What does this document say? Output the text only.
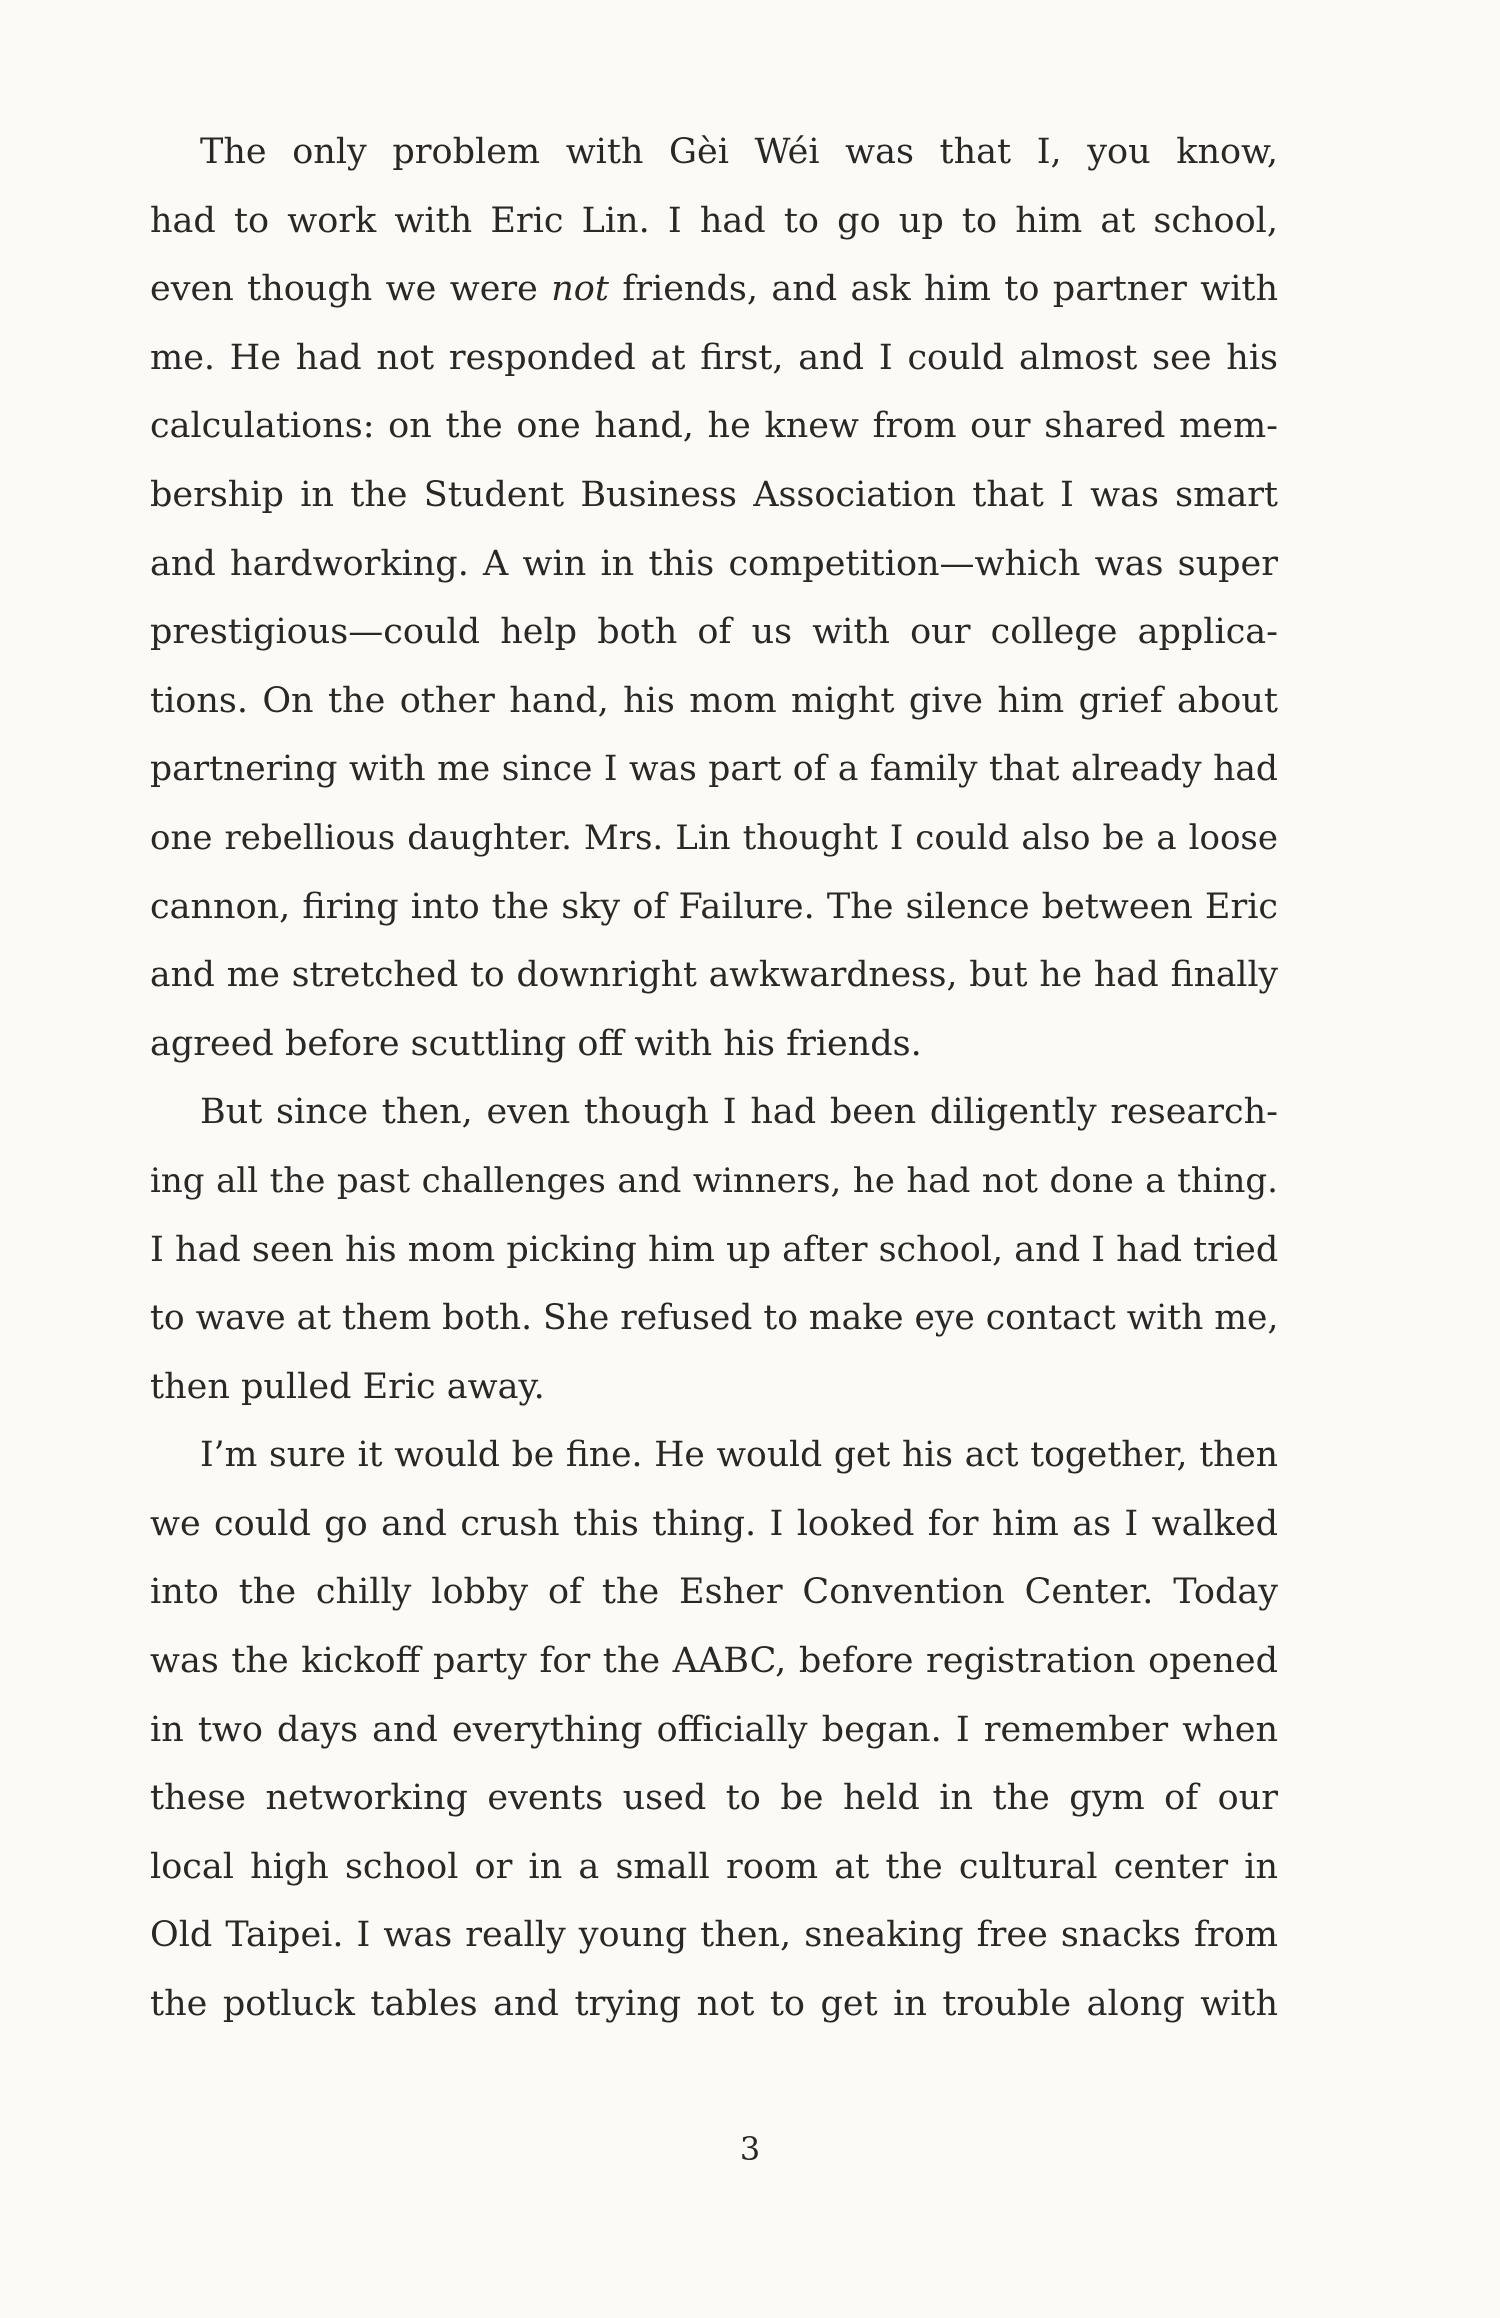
The only problem with Gèi Wéi was that I, you know,
had to work with Eric Lin. I had to go up to him at school,
even though we were not friends, and ask him to partner with
me. He had not responded at first, and I could almost see his
calculations: on the one hand, he knew from our shared mem-
bership in the Student Business Association that I was smart
and hardworking. A win in this competition—which was super
prestigious—could help both of us with our college applica-
tions. On the other hand, his mom might give him grief about
partnering with me since I was part of a family that already had
one rebellious daughter. Mrs. Lin thought I could also be a loose
cannon, firing into the sky of Failure. The silence between Eric
and me stretched to downright awkwardness, but he had finally
agreed before scuttling off with his friends.
But since then, even though I had been diligently research-
ing all the past challenges and winners, he had not done a thing.
I had seen his mom picking him up after school, and I had tried
to wave at them both. She refused to make eye contact with me,
then pulled Eric away.
I’m sure it would be fine. He would get his act together, then
we could go and crush this thing. I looked for him as I walked
into the chilly lobby of the Esher Convention Center. Today
was the kickoff party for the AABC, before registration opened
in two days and everything officially began. I remember when
these networking events used to be held in the gym of our
local high school or in a small room at the cultural center in
Old Taipei. I was really young then, sneaking free snacks from
the potluck tables and trying not to get in trouble along with
3
